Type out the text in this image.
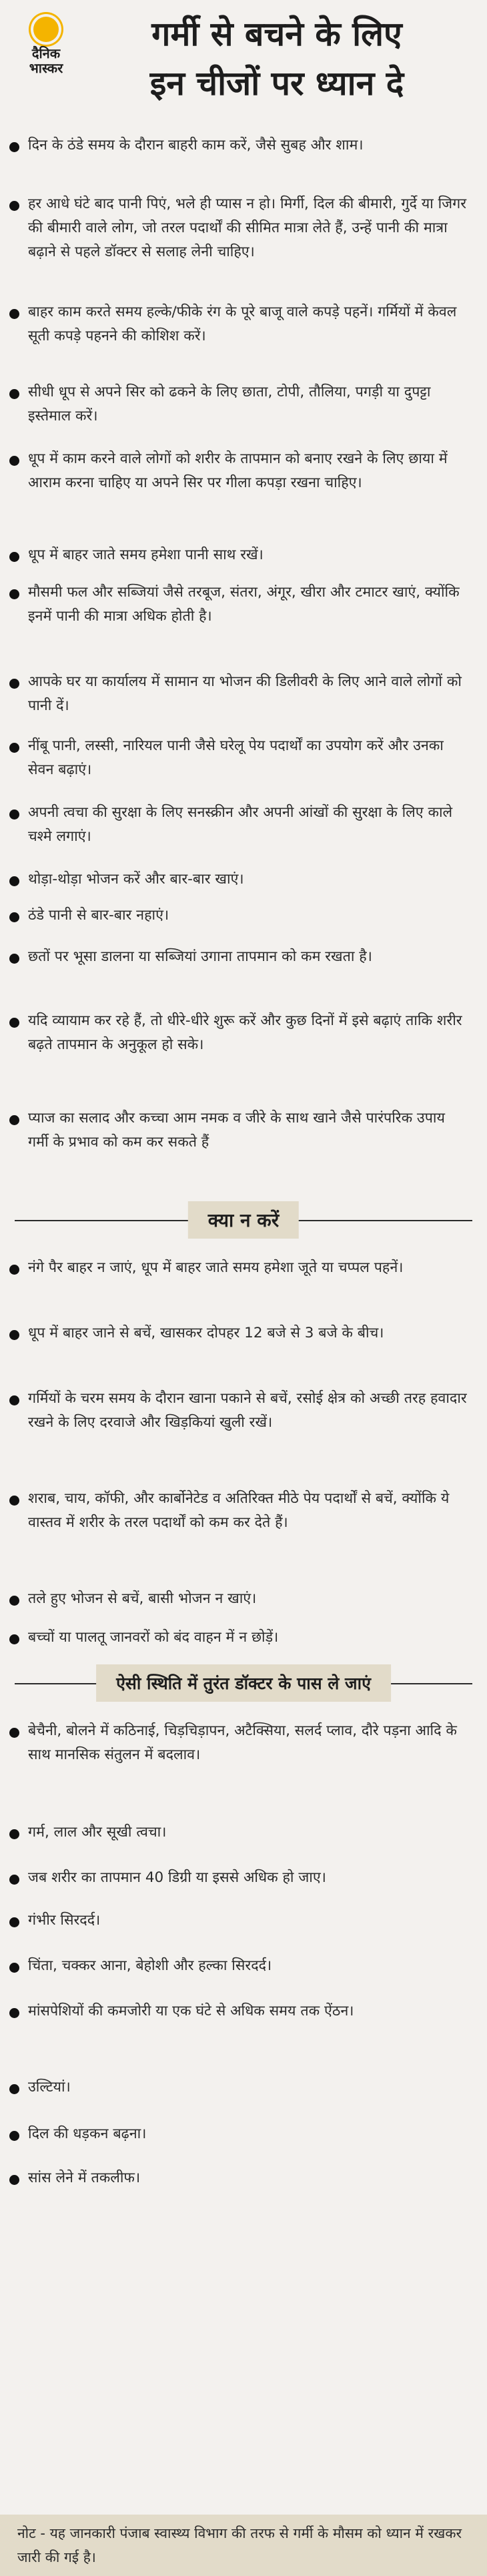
दैनिक
भास्कर
गर्मी से बचने के लिए
इन चीजों पर ध्यान दे
दिन के ठंडे समय के दौरान बाहरी काम करें, जैसे सुबह और शाम।
हर आधे घंटे बाद पानी पिएं, भले ही प्यास न हो। मिर्गी, दिल की बीमारी, गुर्दे या जिगर की बीमारी वाले लोग, जो तरल पदार्थों की सीमित मात्रा लेते हैं, उन्हें पानी की मात्रा बढ़ाने से पहले डॉक्टर से सलाह लेनी चाहिए।
बाहर काम करते समय हल्के/फीके रंग के पूरे बाजू वाले कपड़े पहनें। गर्मियों में केवल सूती कपड़े पहनने की कोशिश करें।
सीधी धूप से अपने सिर को ढकने के लिए छाता, टोपी, तौलिया, पगड़ी या दुपट्टा इस्तेमाल करें।
धूप में काम करने वाले लोगों को शरीर के तापमान को बनाए रखने के लिए छाया में आराम करना चाहिए या अपने सिर पर गीला कपड़ा रखना चाहिए।
धूप में बाहर जाते समय हमेशा पानी साथ रखें।
मौसमी फल और सब्जियां जैसे तरबूज, संतरा, अंगूर, खीरा और टमाटर खाएं, क्योंकि इनमें पानी की मात्रा अधिक होती है।
आपके घर या कार्यालय में सामान या भोजन की डिलीवरी के लिए आने वाले लोगों को पानी दें।
नींबू पानी, लस्सी, नारियल पानी जैसे घरेलू पेय पदार्थों का उपयोग करें और उनका सेवन बढ़ाएं।
अपनी त्वचा की सुरक्षा के लिए सनस्क्रीन और अपनी आंखों की सुरक्षा के लिए काले चश्मे लगाएं।
थोड़ा-थोड़ा भोजन करें और बार-बार खाएं।
ठंडे पानी से बार-बार नहाएं।
छतों पर भूसा डालना या सब्जियां उगाना तापमान को कम रखता है।
यदि व्यायाम कर रहे हैं, तो धीरे-धीरे शुरू करें और कुछ दिनों में इसे बढ़ाएं ताकि शरीर बढ़ते तापमान के अनुकूल हो सके।
प्याज का सलाद और कच्चा आम नमक व जीरे के साथ खाने जैसे पारंपरिक उपाय गर्मी के प्रभाव को कम कर सकते हैं
क्या न करें
नंगे पैर बाहर न जाएं, धूप में बाहर जाते समय हमेशा जूते या चप्पल पहनें।
धूप में बाहर जाने से बचें, खासकर दोपहर 12 बजे से 3 बजे के बीच।
गर्मियों के चरम समय के दौरान खाना पकाने से बचें, रसोई क्षेत्र को अच्छी तरह हवादार रखने के लिए दरवाजे और खिड़कियां खुली रखें।
शराब, चाय, कॉफी, और कार्बोनेटेड व अतिरिक्त मीठे पेय पदार्थों से बचें, क्योंकि ये वास्तव में शरीर के तरल पदार्थों को कम कर देते हैं।
तले हुए भोजन से बचें, बासी भोजन न खाएं।
बच्चों या पालतू जानवरों को बंद वाहन में न छोड़ें।
ऐसी स्थिति में तुरंत डॉक्टर के पास ले जाएं
बेचैनी, बोलने में कठिनाई, चिड़चिड़ापन, अटैक्सिया, सलर्द प्लाव, दौरे पड़ना आदि के साथ मानसिक संतुलन में बदलाव।
गर्म, लाल और सूखी त्वचा।
जब शरीर का तापमान 40 डिग्री या इससे अधिक हो जाए।
गंभीर सिरदर्द।
चिंता, चक्कर आना, बेहोशी और हल्का सिरदर्द।
मांसपेशियों की कमजोरी या एक घंटे से अधिक समय तक ऐंठन।
उल्टियां।
दिल की धड़कन बढ़ना।
सांस लेने में तकलीफ।
नोट - यह जानकारी पंजाब स्वास्थ्य विभाग की तरफ से गर्मी के मौसम को ध्यान में रखकर जारी की गई है।
